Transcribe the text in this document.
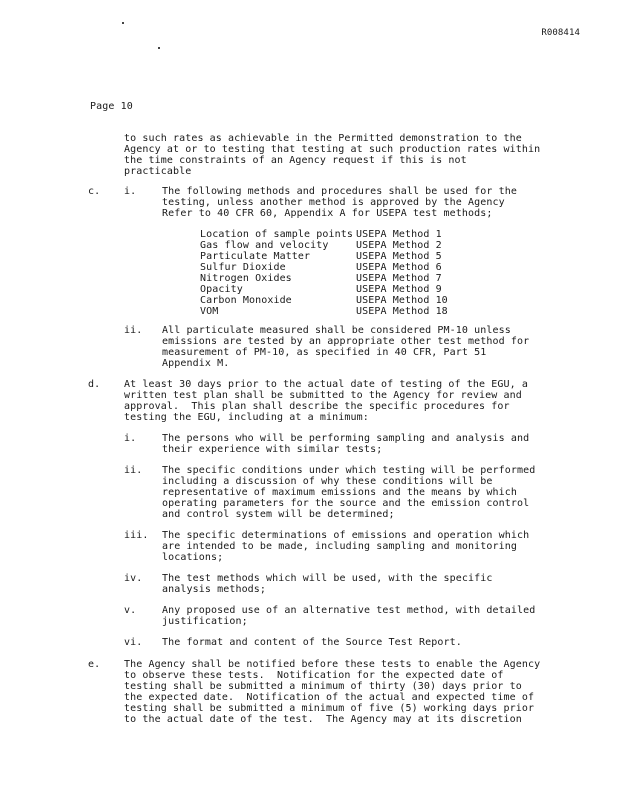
R008414
Page 10
to such rates as achievable in the Permitted demonstration to the
Agency at or to testing that testing at such production rates within
the time constraints of an Agency request if this is not
practicable
c. i.	The following methods and procedures shall be used for the
testing, unless another method is approved by the Agency
Refer to 40 CFR 60, Appendix A for USEPA test methods;
Location of sample points USEPA Method 1
Gas flow and velocity	USEPA Method 2
Particulate Matter	USEPA Method 5
Sulfur Dioxide	USEPA Method 6
Nitrogen Oxides	USEPA Method 7
Opacity	USEPA Method 9
Carbon Monoxide	USEPA Method 10
VOM	USEPA Method 18
ii. All particulate measured shall be considered PM-10 unless
emissions are tested by an appropriate other test method for
measurement of PM-10, as specified in 40 CFR, Part 51
Appendix M.
d. At least 30 days prior to the actual date of testing of the EGU, a
written test plan shall be submitted to the Agency for review and
approval.  This plan shall describe the specific procedures for
testing the EGU, including at a minimum:
i.	The persons who will be performing sampling and analysis and
their experience with similar tests;
ii. The specific conditions under which testing will be performed
including a discussion of why these conditions will be
representative of maximum emissions and the means by which
operating parameters for the source and the emission control
and control system will be determined;
iii. The specific determinations of emissions and operation which
are intended to be made, including sampling and monitoring
locations;
iv. The test methods which will be used, with the specific
analysis methods;
v.	Any proposed use of an alternative test method, with detailed
justification;
vi. The format and content of the Source Test Report.
e. The Agency shall be notified before these tests to enable the Agency
to observe these tests.  Notification for the expected date of
testing shall be submitted a minimum of thirty (30) days prior to
the expected date.  Notification of the actual and expected time of
testing shall be submitted a minimum of five (5) working days prior
to the actual date of the test.  The Agency may at its discretion
